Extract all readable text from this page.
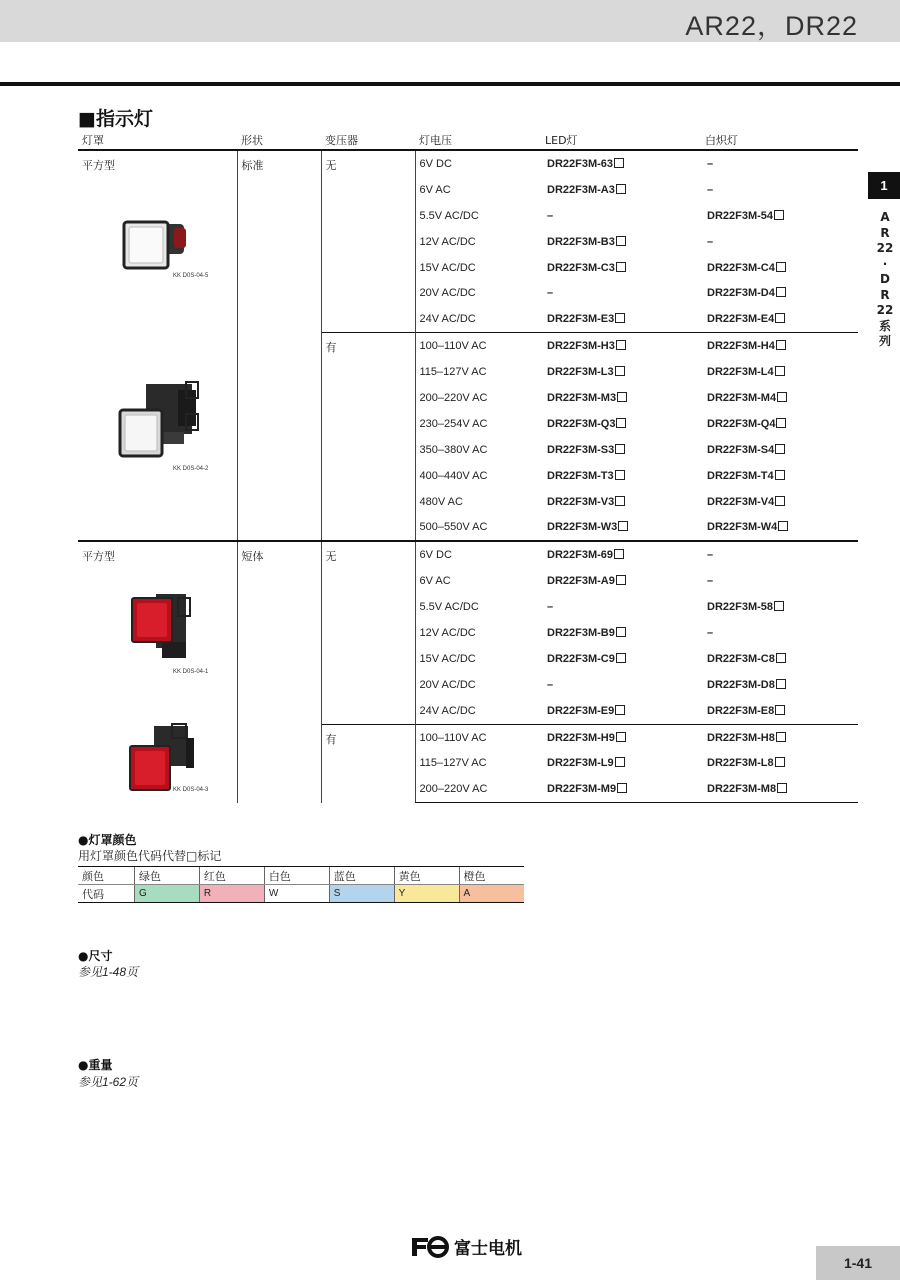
AR22，DR22
1
A
R
22
·
D
R
22
系
列
■指示灯
灯罩	形状	变压器	灯电压	LED灯	白炽灯
平方型	标准	无	6V DC	DR22F3M-63	–
			6V AC	DR22F3M-A3	–
			5.5V AC/DC	–	DR22F3M-54
			12V AC/DC	DR22F3M-B3	–
			15V AC/DC	DR22F3M-C3	DR22F3M-C4
			20V AC/DC	–	DR22F3M-D4
			24V AC/DC	DR22F3M-E3	DR22F3M-E4
		有	100–110V AC	DR22F3M-H3	DR22F3M-H4
			115–127V AC	DR22F3M-L3	DR22F3M-L4
			200–220V AC	DR22F3M-M3	DR22F3M-M4
			230–254V AC	DR22F3M-Q3	DR22F3M-Q4
			350–380V AC	DR22F3M-S3	DR22F3M-S4
			400–440V AC	DR22F3M-T3	DR22F3M-T4
			480V AC	DR22F3M-V3	DR22F3M-V4
			500–550V AC	DR22F3M-W3	DR22F3M-W4
平方型	短体	无	6V DC	DR22F3M-69	–
			6V AC	DR22F3M-A9	–
			5.5V AC/DC	–	DR22F3M-58
			12V AC/DC	DR22F3M-B9	–
			15V AC/DC	DR22F3M-C9	DR22F3M-C8
			20V AC/DC	–	DR22F3M-D8
			24V AC/DC	DR22F3M-E9	DR22F3M-E8
		有	100–110V AC	DR22F3M-H9	DR22F3M-H8
			115–127V AC	DR22F3M-L9	DR22F3M-L8
			200–220V AC	DR22F3M-M9	DR22F3M-M8
KK D0S-04-5
KK D0S-04-2
KK D0S-04-1
KK D0S-04-3
●灯罩颜色
用灯罩颜色代码代替□标记
颜色	绿色	红色	白色	蓝色	黄色	橙色
代码	G	R	W	S	Y	A
●尺寸
参见1-48页
●重量
参见1-62页
富士电机
1-41
